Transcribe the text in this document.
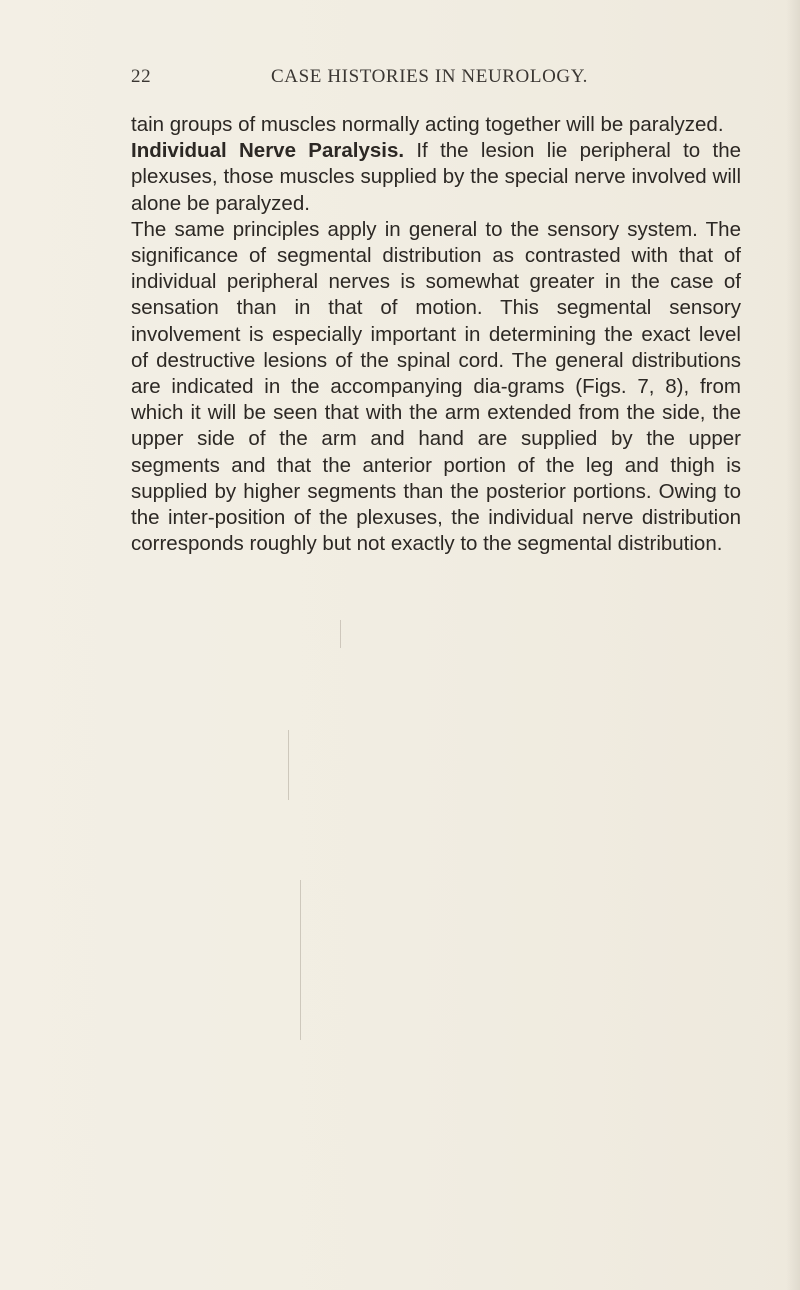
22	CASE HISTORIES IN NEUROLOGY.

tain groups of muscles normally acting together will be paralyzed.

Individual Nerve Paralysis. If the lesion lie peripheral to the plexuses, those muscles supplied by the special nerve involved will alone be paralyzed.

The same principles apply in general to the sensory system. The significance of segmental distribution as contrasted with that of individual peripheral nerves is somewhat greater in the case of sensation than in that of motion. This segmental sensory involvement is especially important in determining the exact level of destructive lesions of the spinal cord. The general distributions are indicated in the accompanying dia-grams (Figs. 7, 8), from which it will be seen that with the arm extended from the side, the upper side of the arm and hand are supplied by the upper segments and that the anterior portion of the leg and thigh is supplied by higher segments than the posterior portions. Owing to the inter-position of the plexuses, the individual nerve distribution corresponds roughly but not exactly to the segmental distribution.
